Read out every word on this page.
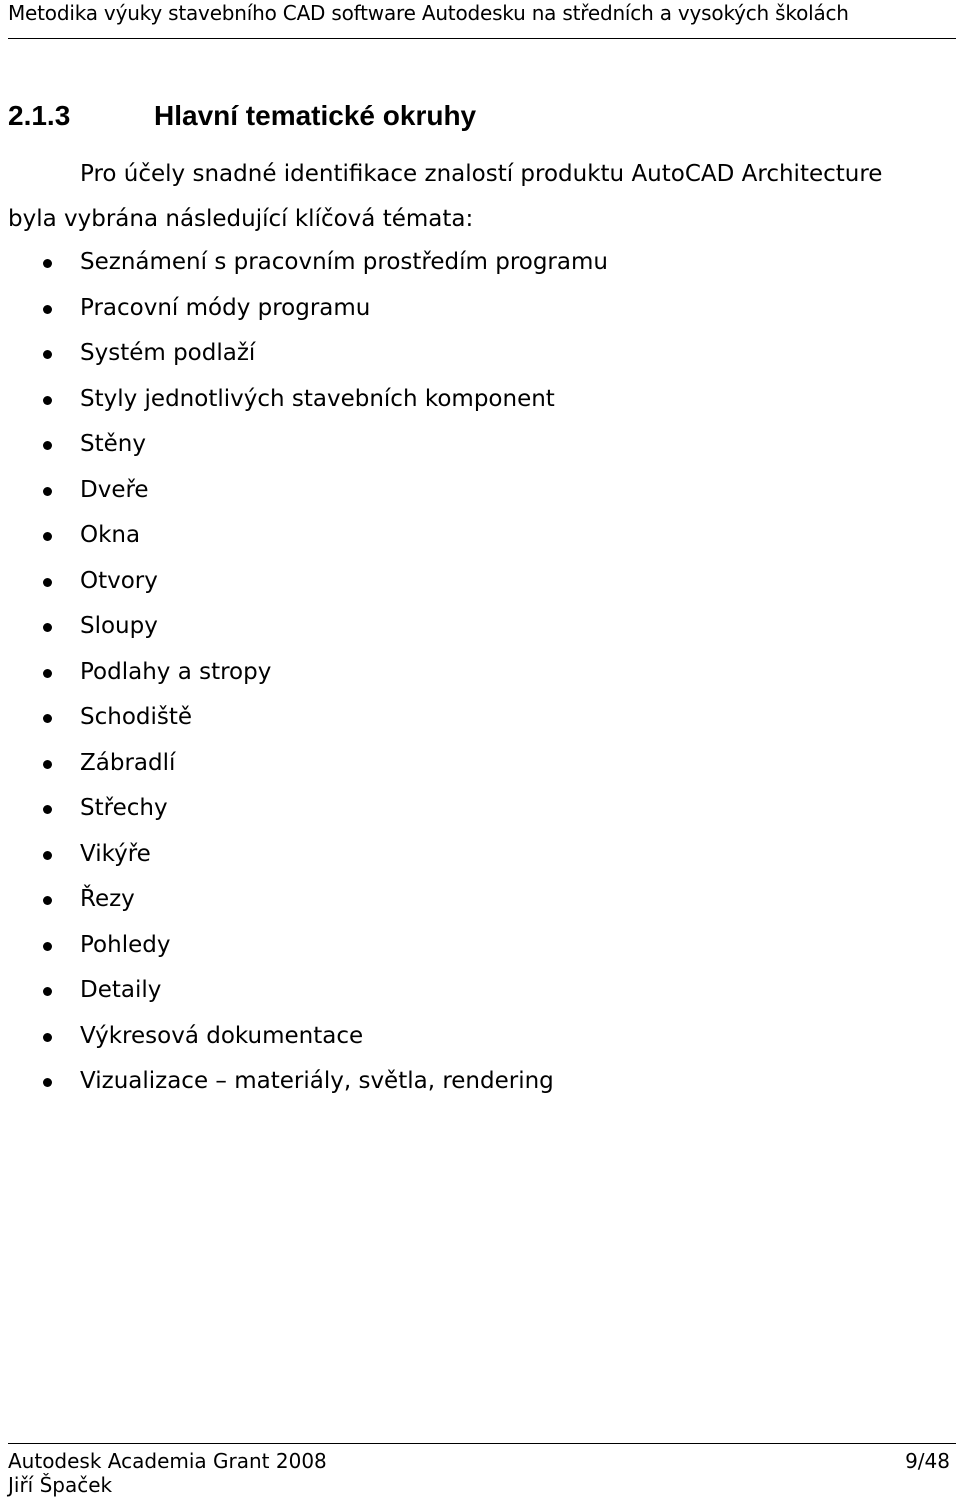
Metodika výuky stavebního CAD software Autodesku na středních a vysokých školách
2.1.3	Hlavní tematické okruhy

Pro účely snadné identifikace znalostí produktu AutoCAD Architecture
byla vybrána následující klíčová témata:

Seznámení s pracovním prostředím programu
Pracovní módy programu
Systém podlaží
Styly jednotlivých stavebních komponent
Stěny
Dveře
Okna
Otvory
Sloupy
Podlahy a stropy
Schodiště
Zábradlí
Střechy
Vikýře
Řezy
Pohledy
Detaily
Výkresová dokumentace
Vizualizace – materiály, světla, rendering
Autodesk Academia Grant 2008	9/48
Jiří Špaček
